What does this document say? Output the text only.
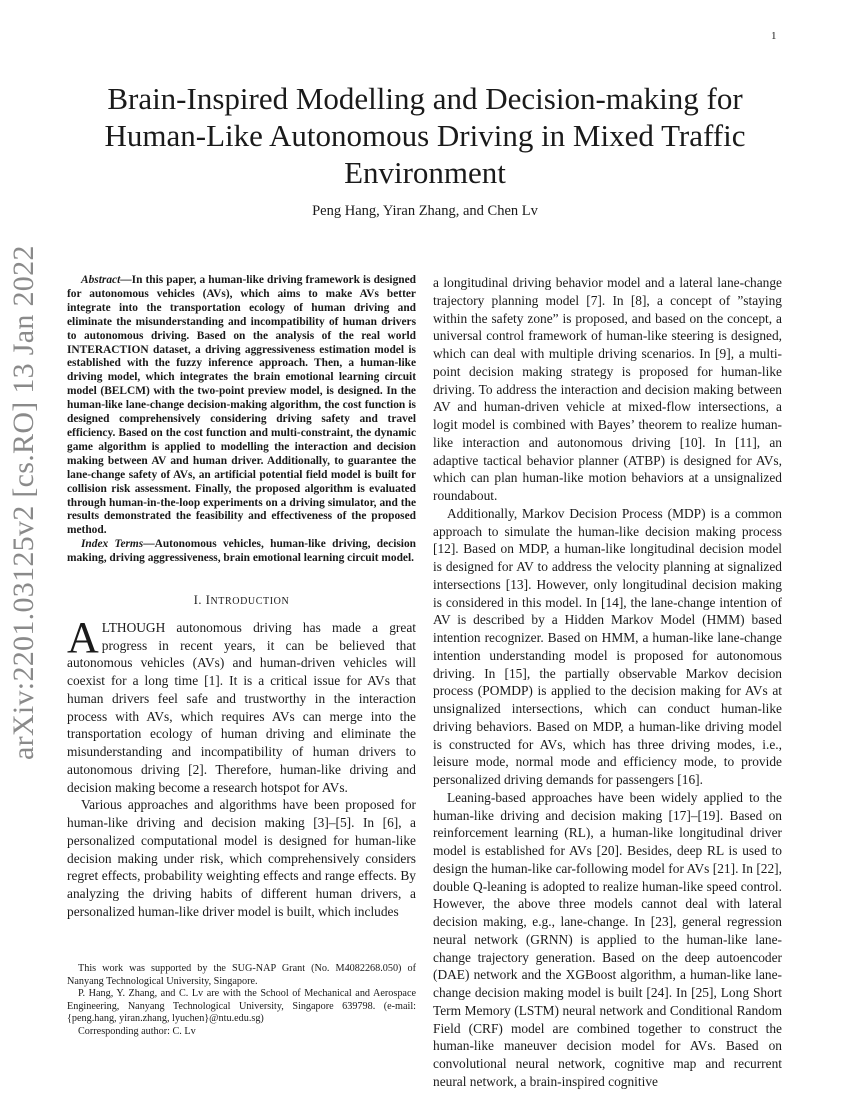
1
arXiv:2201.03125v2 [cs.RO] 13 Jan 2022
Brain-Inspired Modelling and Decision-making for Human-Like Autonomous Driving in Mixed Traffic Environment
Peng Hang, Yiran Zhang, and Chen Lv

Abstract—In this paper, a human-like driving framework is designed for autonomous vehicles (AVs), which aims to make AVs better integrate into the transportation ecology of human driving and eliminate the misunderstanding and incompatibility of human drivers to autonomous driving. Based on the analysis of the real world INTERACTION dataset, a driving aggressiveness estimation model is established with the fuzzy inference approach. Then, a human-like driving model, which integrates the brain emotional learning circuit model (BELCM) with the two-point preview model, is designed. In the human-like lane-change decision-making algorithm, the cost function is designed comprehensively considering driving safety and travel efficiency. Based on the cost function and multi-constraint, the dynamic game algorithm is applied to modelling the interaction and decision making between AV and human driver. Additionally, to guarantee the lane-change safety of AVs, an artificial potential field model is built for collision risk assessment. Finally, the proposed algorithm is evaluated through human-in-the-loop experiments on a driving simulator, and the results demonstrated the feasibility and effectiveness of the proposed method.

Index Terms—Autonomous vehicles, human-like driving, decision making, driving aggressiveness, brain emotional learning circuit model.

I. INTRODUCTION

ALTHOUGH autonomous driving has made a great progress in recent years, it can be believed that autonomous vehicles (AVs) and human-driven vehicles will coexist for a long time [1]. It is a critical issue for AVs that human drivers feel safe and trustworthy in the interaction process with AVs, which requires AVs can merge into the transportation ecology of human driving and eliminate the misunderstanding and incompatibility of human drivers to autonomous driving [2]. Therefore, human-like driving and decision making become a research hotspot for AVs.

Various approaches and algorithms have been proposed for human-like driving and decision making [3]–[5]. In [6], a personalized computational model is designed for human-like decision making under risk, which comprehensively considers regret effects, probability weighting effects and range effects. By analyzing the driving habits of different human drivers, a personalized human-like driver model is built, which includes

This work was supported by the SUG-NAP Grant (No. M4082268.050) of Nanyang Technological University, Singapore.

P. Hang, Y. Zhang, and C. Lv are with the School of Mechanical and Aerospace Engineering, Nanyang Technological University, Singapore 639798. (e-mail: {peng.hang, yiran.zhang, lyuchen}@ntu.edu.sg)

Corresponding author: C. Lv

a longitudinal driving behavior model and a lateral lane-change trajectory planning model [7]. In [8], a concept of ”staying within the safety zone” is proposed, and based on the concept, a universal control framework of human-like steering is designed, which can deal with multiple driving scenarios. In [9], a multi-point decision making strategy is proposed for human-like driving. To address the interaction and decision making between AV and human-driven vehicle at mixed-flow intersections, a logit model is combined with Bayes’ theorem to realize human-like interaction and autonomous driving [10]. In [11], an adaptive tactical behavior planner (ATBP) is designed for AVs, which can plan human-like motion behaviors at a unsignalized roundabout.

Additionally, Markov Decision Process (MDP) is a common approach to simulate the human-like decision making process [12]. Based on MDP, a human-like longitudinal decision model is designed for AV to address the velocity planning at signalized intersections [13]. However, only longitudinal decision making is considered in this model. In [14], the lane-change intention of AV is described by a Hidden Markov Model (HMM) based intention recognizer. Based on HMM, a human-like lane-change intention understanding model is proposed for autonomous driving. In [15], the partially observable Markov decision process (POMDP) is applied to the decision making for AVs at unsignalized intersections, which can conduct human-like driving behaviors. Based on MDP, a human-like driving model is constructed for AVs, which has three driving modes, i.e., leisure mode, normal mode and efficiency mode, to provide personalized driving demands for passengers [16].

Leaning-based approaches have been widely applied to the human-like driving and decision making [17]–[19]. Based on reinforcement learning (RL), a human-like longitudinal driver model is established for AVs [20]. Besides, deep RL is used to design the human-like car-following model for AVs [21]. In [22], double Q-leaning is adopted to realize human-like speed control. However, the above three models cannot deal with lateral decision making, e.g., lane-change. In [23], general regression neural network (GRNN) is applied to the human-like lane-change trajectory generation. Based on the deep autoencoder (DAE) network and the XGBoost algorithm, a human-like lane-change decision making model is built [24]. In [25], Long Short Term Memory (LSTM) neural network and Conditional Random Field (CRF) model are combined together to construct the human-like maneuver decision model for AVs. Based on convolutional neural network, cognitive map and recurrent neural network, a brain-inspired cognitive
